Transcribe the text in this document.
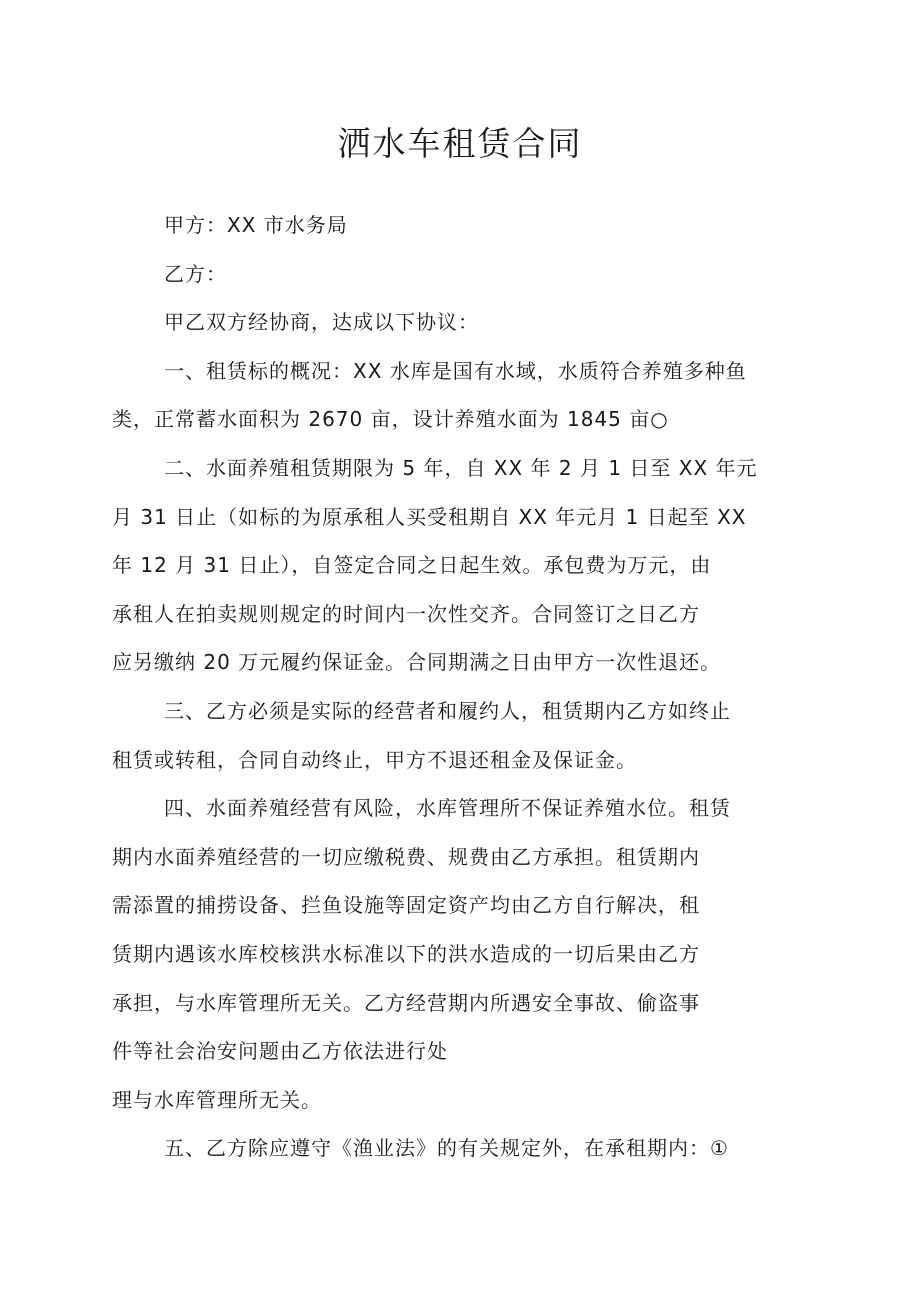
洒水车租赁合同

甲方：XX 市水务局

乙方：

甲乙双方经协商，达成以下协议：

一、租赁标的概况：XX 水库是国有水域，水质符合养殖多种鱼
类，正常蓄水面积为 2670 亩，设计养殖水面为 1845 亩○

二、水面养殖租赁期限为 5 年，自 XX 年 2 月 1 日至 XX 年元
月 31 日止（如标的为原承租人买受租期自 XX 年元月 1 日起至 XX
年 12 月 31 日止），自签定合同之日起生效。承包费为万元，由
承租人在拍卖规则规定的时间内一次性交齐。合同签订之日乙方
应另缴纳 20 万元履约保证金。合同期满之日由甲方一次性退还。

三、乙方必须是实际的经营者和履约人，租赁期内乙方如终止
租赁或转租，合同自动终止，甲方不退还租金及保证金。

四、水面养殖经营有风险，水库管理所不保证养殖水位。租赁
期内水面养殖经营的一切应缴税费、规费由乙方承担。租赁期内
需添置的捕捞设备、拦鱼设施等固定资产均由乙方自行解决，租
赁期内遇该水库校核洪水标准以下的洪水造成的一切后果由乙方
承担，与水库管理所无关。乙方经营期内所遇安全事故、偷盗事
件等社会治安问题由乙方依法进行处
理与水库管理所无关。

五、乙方除应遵守《渔业法》的有关规定外，在承租期内：①
